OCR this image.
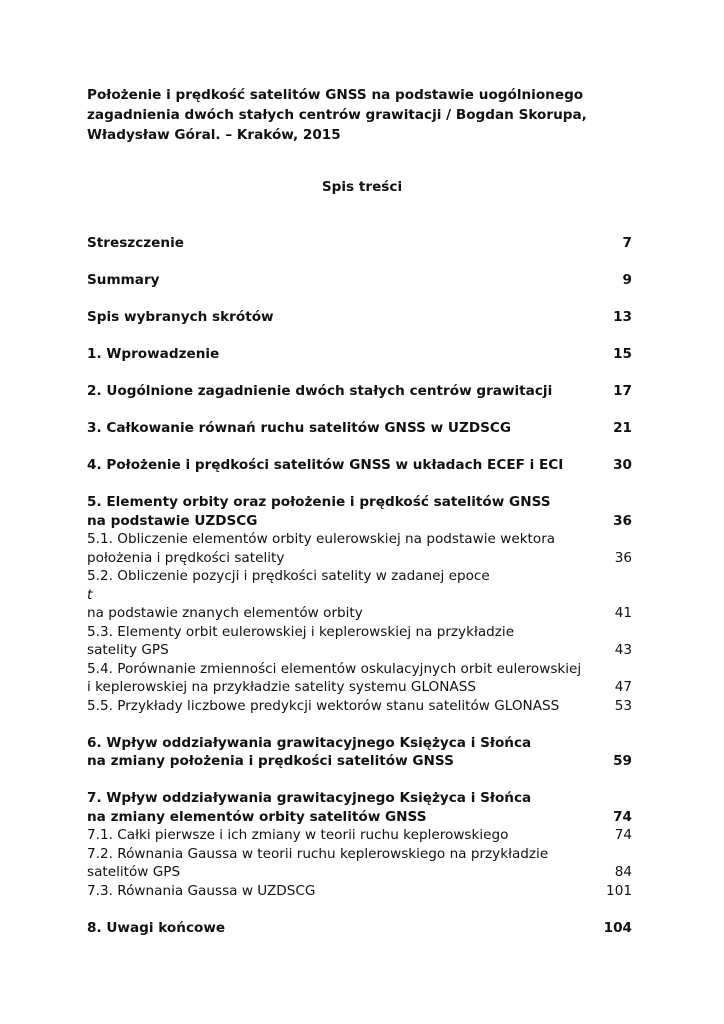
Położenie i prędkość satelitów GNSS na podstawie uogólnionego
zagadnienia dwóch stałych centrów grawitacji / Bogdan Skorupa,
Władysław Góral. – Kraków, 2015
Spis treści
Streszczenie	7
Summary	9
Spis wybranych skrótów	13
1. Wprowadzenie	15
2. Uogólnione zagadnienie dwóch stałych centrów grawitacji	17
3. Całkowanie równań ruchu satelitów GNSS w UZDSCG	21
4. Położenie i prędkości satelitów GNSS w układach ECEF i ECI	30
5. Elementy orbity oraz położenie i prędkość satelitów GNSS
na podstawie UZDSCG	36
5.1. Obliczenie elementów orbity eulerowskiej na podstawie wektora
położenia i prędkości satelity	36
5.2. Obliczenie pozycji i prędkości satelity w zadanej epoce
t
na podstawie znanych elementów orbity	41
5.3. Elementy orbit eulerowskiej i keplerowskiej na przykładzie
satelity GPS	43
5.4. Porównanie zmienności elementów oskulacyjnych orbit eulerowskiej
i keplerowskiej na przykładzie satelity systemu GLONASS	47
5.5. Przykłady liczbowe predykcji wektorów stanu satelitów GLONASS	53
6. Wpływ oddziaływania grawitacyjnego Księżyca i Słońca
na zmiany położenia i prędkości satelitów GNSS	59
7. Wpływ oddziaływania grawitacyjnego Księżyca i Słońca
na zmiany elementów orbity satelitów GNSS	74
7.1. Całki pierwsze i ich zmiany w teorii ruchu keplerowskiego	74
7.2. Równania Gaussa w teorii ruchu keplerowskiego na przykładzie
satelitów GPS	84
7.3. Równania Gaussa w UZDSCG	101
8. Uwagi końcowe	104
